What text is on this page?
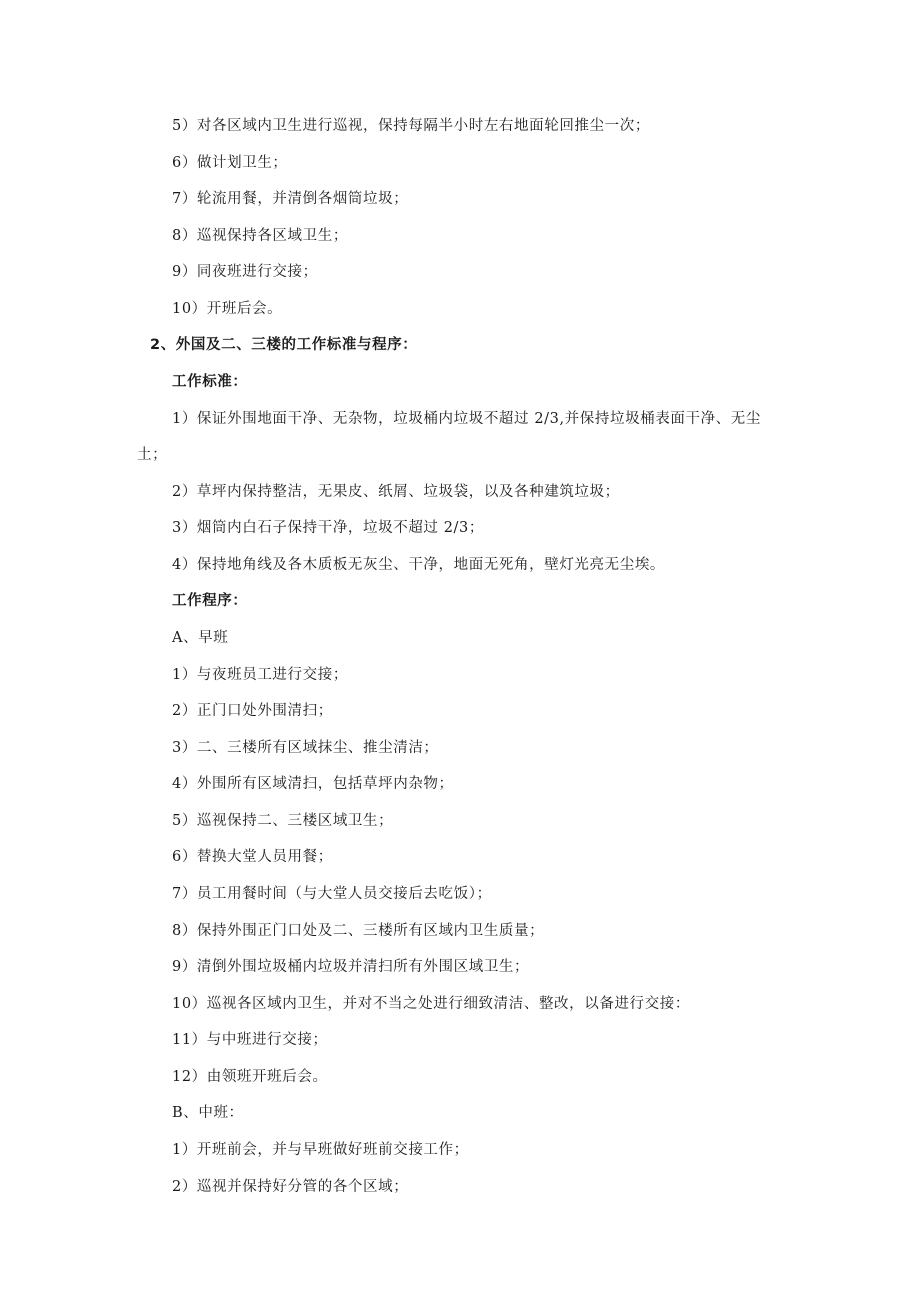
5）对各区域内卫生进行巡视，保持每隔半小时左右地面轮回推尘一次；
6）做计划卫生；
7）轮流用餐，并清倒各烟筒垃圾；
8）巡视保持各区域卫生；
9）同夜班进行交接；
10）开班后会。
2、外国及二、三楼的工作标准与程序：
工作标准：
1）保证外围地面干净、无杂物，垃圾桶内垃圾不超过 2/3,并保持垃圾桶表面干净、无尘
土；
2）草坪内保持整洁，无果皮、纸屑、垃圾袋，以及各种建筑垃圾；
3）烟筒内白石子保持干净，垃圾不超过 2/3；
4）保持地角线及各木质板无灰尘、干净，地面无死角，壁灯光亮无尘埃。
工作程序：
A、早班
1）与夜班员工进行交接；
2）正门口处外围清扫；
3）二、三楼所有区域抹尘、推尘清洁；
4）外围所有区域清扫，包括草坪内杂物；
5）巡视保持二、三楼区域卫生；
6）替换大堂人员用餐；
7）员工用餐时间（与大堂人员交接后去吃饭）；
8）保持外围正门口处及二、三楼所有区域内卫生质量；
9）清倒外围垃圾桶内垃圾并清扫所有外围区域卫生；
10）巡视各区域内卫生，并对不当之处进行细致清洁、整改，以备进行交接：
11）与中班进行交接；
12）由领班开班后会。
B、中班：
1）开班前会，并与早班做好班前交接工作；
2）巡视并保持好分管的各个区域；
